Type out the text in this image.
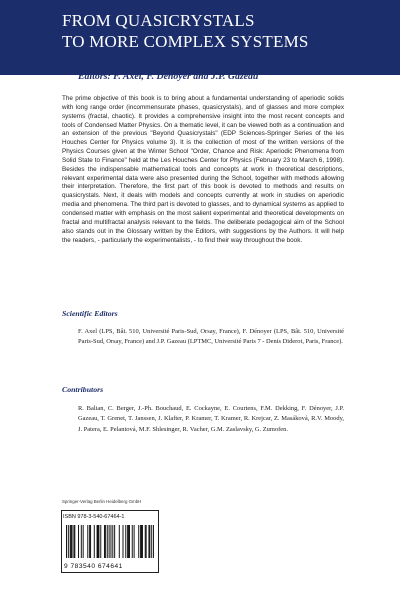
FROM QUASICRYSTALS
TO MORE COMPLEX SYSTEMS
Editors: F. Axel, F. Dénoyer and J.P. Gazeau
The prime objective of this book is to bring about a fundamental understanding of aperiodic solids with long range order (incommensurate phases, quasicrystals), and of glasses and more complex systems (fractal, chaotic). It provides a comprehensive insight into the most recent concepts and tools of Condensed Matter Physics. On a thematic level, it can be viewed both as a continuation and an extension of the previous "Beyond Quasicrystals" (EDP Sciences-Springer Series of the les Houches Center for Physics volume 3). It is the collection of most of the written versions of the Physics Courses given at the Winter School "Order, Chance and Risk: Aperiodic Phenomena from Solid State to Finance" held at the Les Houches Center for Physics (February 23 to March 6, 1998). Besides the indispensable mathematical tools and concepts at work in theoretical descriptions, relevant experimental data were also presented during the School, together with methods allowing their interpretation. Therefore, the first part of this book is devoted to methods and results on quasicrystals. Next, it deals with models and concepts currently at work in studies on aperiodic media and phenomena. The third part is devoted to glasses, and to dynamical systems as applied to condensed matter with emphasis on the most salient experimental and theoretical developments on fractal and multifractal analysis relevant to the fields. The deliberate pedagogical aim of the School also stands out in the Glossary written by the Editors, with suggestions by the Authors. It will help the readers, - particularly the experimentalists, - to find their way throughout the book.
Scientific Editors
F. Axel (LPS, Bât. 510, Université Paris-Sud, Orsay, France), F. Dénoyer (LPS, Bât. 510, Université Paris-Sud, Orsay, France) and J.P. Gazeau (LPTMC, Université Paris 7 - Denis Diderot, Paris, France).
Contributors
R. Balian, C. Berger, J.-Ph. Bouchaud, E. Cockayne, E. Courtens, F.M. Dekking, F. Dénoyer, J.P. Gazeau, T. Grenet, T. Janssen, J. Klafter, P. Kramer, T. Kramer, R. Krejcar, Z. Masáková, R.V. Moody, J. Patera, E. Pelantová, M.F. Shlesinger, R. Vacher, G.M. Zaslavsky, G. Zumofen.
Springer-Verlag Berlin Heidelberg GmbH
ISBN 978-3-540-67464-1
9 783540 674641
